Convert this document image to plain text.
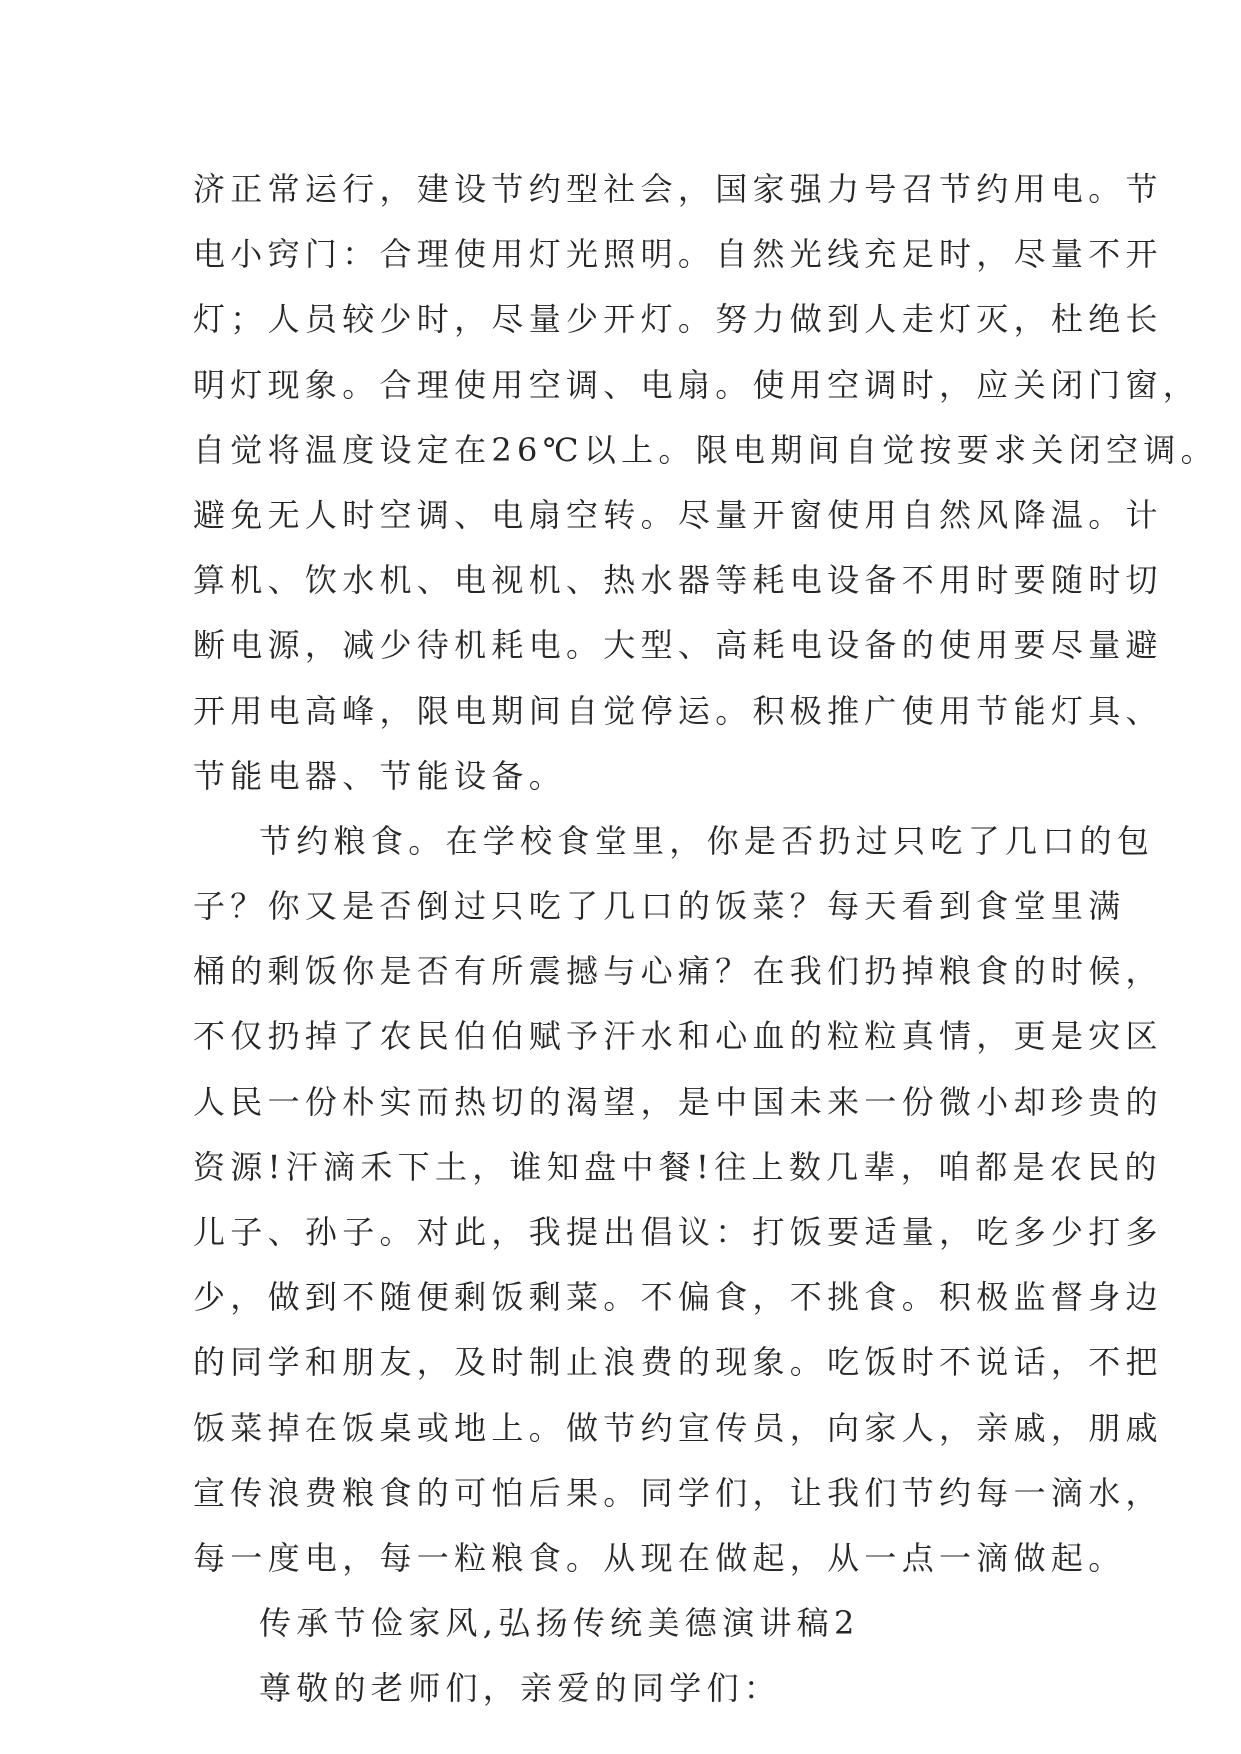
济正常运行，建设节约型社会，国家强力号召节约用电。节
电小窍门：合理使用灯光照明。自然光线充足时，尽量不开
灯；人员较少时，尽量少开灯。努力做到人走灯灭，杜绝长
明灯现象。合理使用空调、电扇。使用空调时，应关闭门窗，
自觉将温度设定在26℃以上。限电期间自觉按要求关闭空调。
避免无人时空调、电扇空转。尽量开窗使用自然风降温。计
算机、饮水机、电视机、热水器等耗电设备不用时要随时切
断电源，减少待机耗电。大型、高耗电设备的使用要尽量避
开用电高峰，限电期间自觉停运。积极推广使用节能灯具、
节能电器、节能设备。
节约粮食。在学校食堂里，你是否扔过只吃了几口的包
子？你又是否倒过只吃了几口的饭菜？每天看到食堂里满
桶的剩饭你是否有所震撼与心痛？在我们扔掉粮食的时候，
不仅扔掉了农民伯伯赋予汗水和心血的粒粒真情，更是灾区
人民一份朴实而热切的渴望，是中国未来一份微小却珍贵的
资源!汗滴禾下土，谁知盘中餐!往上数几辈，咱都是农民的
儿子、孙子。对此，我提出倡议：打饭要适量，吃多少打多
少，做到不随便剩饭剩菜。不偏食，不挑食。积极监督身边
的同学和朋友，及时制止浪费的现象。吃饭时不说话，不把
饭菜掉在饭桌或地上。做节约宣传员，向家人，亲戚，朋戚
宣传浪费粮食的可怕后果。同学们，让我们节约每一滴水，
每一度电，每一粒粮食。从现在做起，从一点一滴做起。
传承节俭家风,弘扬传统美德演讲稿2
尊敬的老师们，亲爱的同学们：
